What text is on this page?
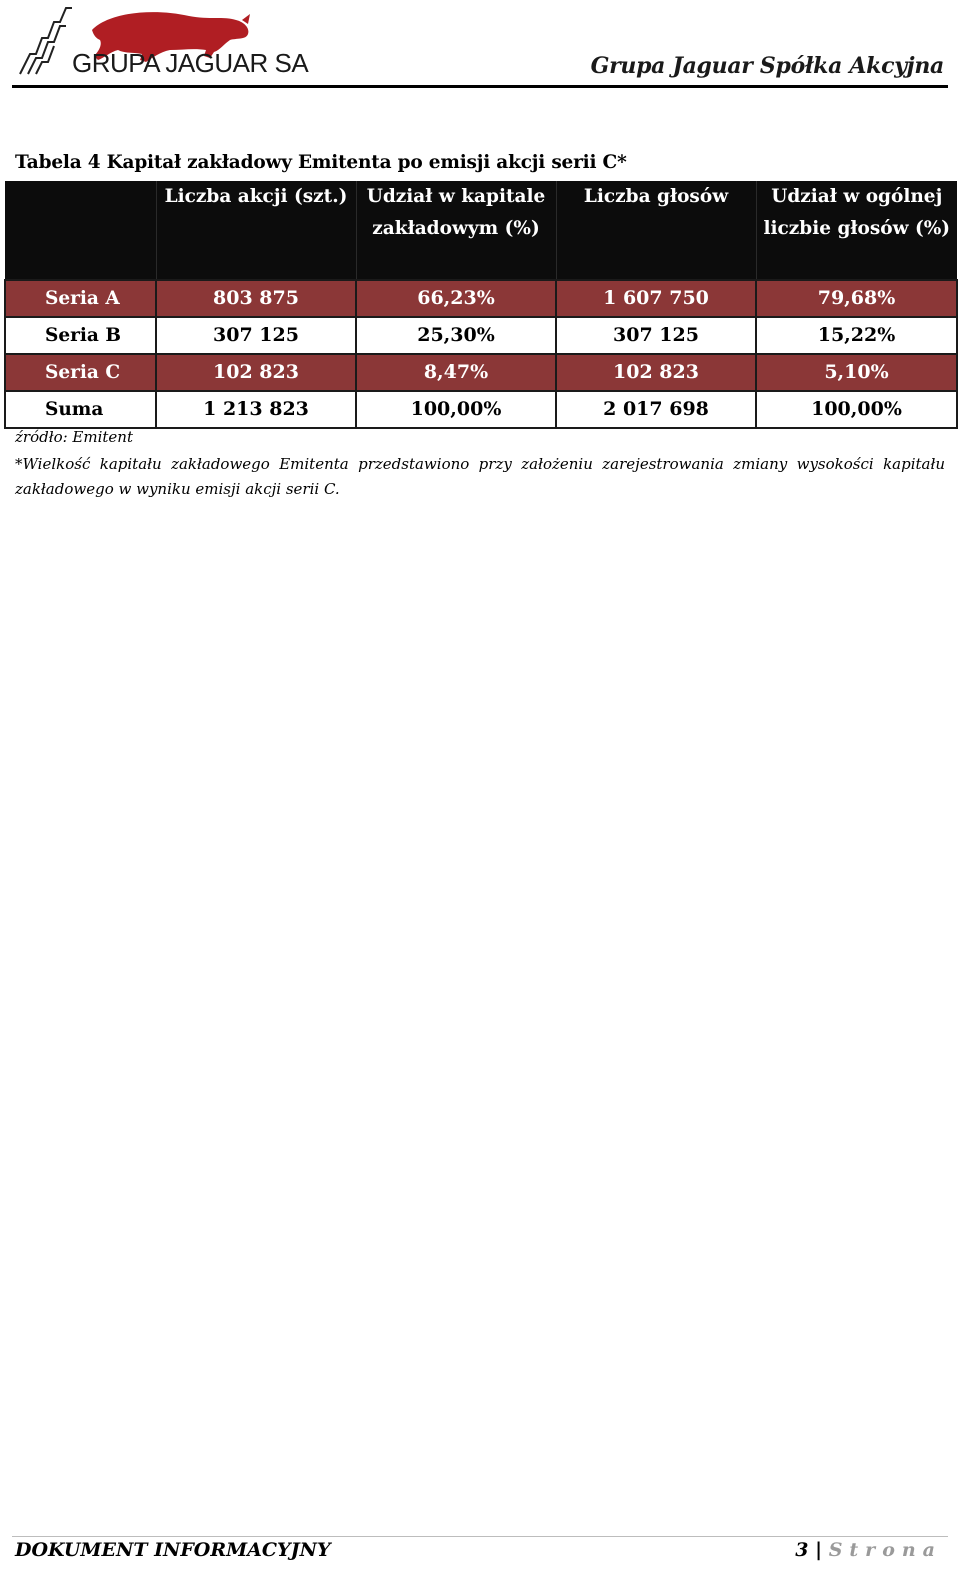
GRUPA JAGUAR SA	Grupa Jaguar Spółka Akcyjna
Tabela 4 Kapitał zakładowy Emitenta po emisji akcji serii C*
	Liczba akcji (szt.)	Udział w kapitale zakładowym (%)	Liczba głosów	Udział w ogólnej liczbie głosów (%)
Seria A	803 875	66,23%	1 607 750	79,68%
Seria B	307 125	25,30%	307 125	15,22%
Seria C	102 823	8,47%	102 823	5,10%
Suma	1 213 823	100,00%	2 017 698	100,00%
źródło: Emitent
*Wielkość kapitału zakładowego Emitenta przedstawiono przy założeniu zarejestrowania zmiany wysokości kapitału zakładowego w wyniku emisji akcji serii C.
DOKUMENT INFORMACYJNY	3 | Strona
